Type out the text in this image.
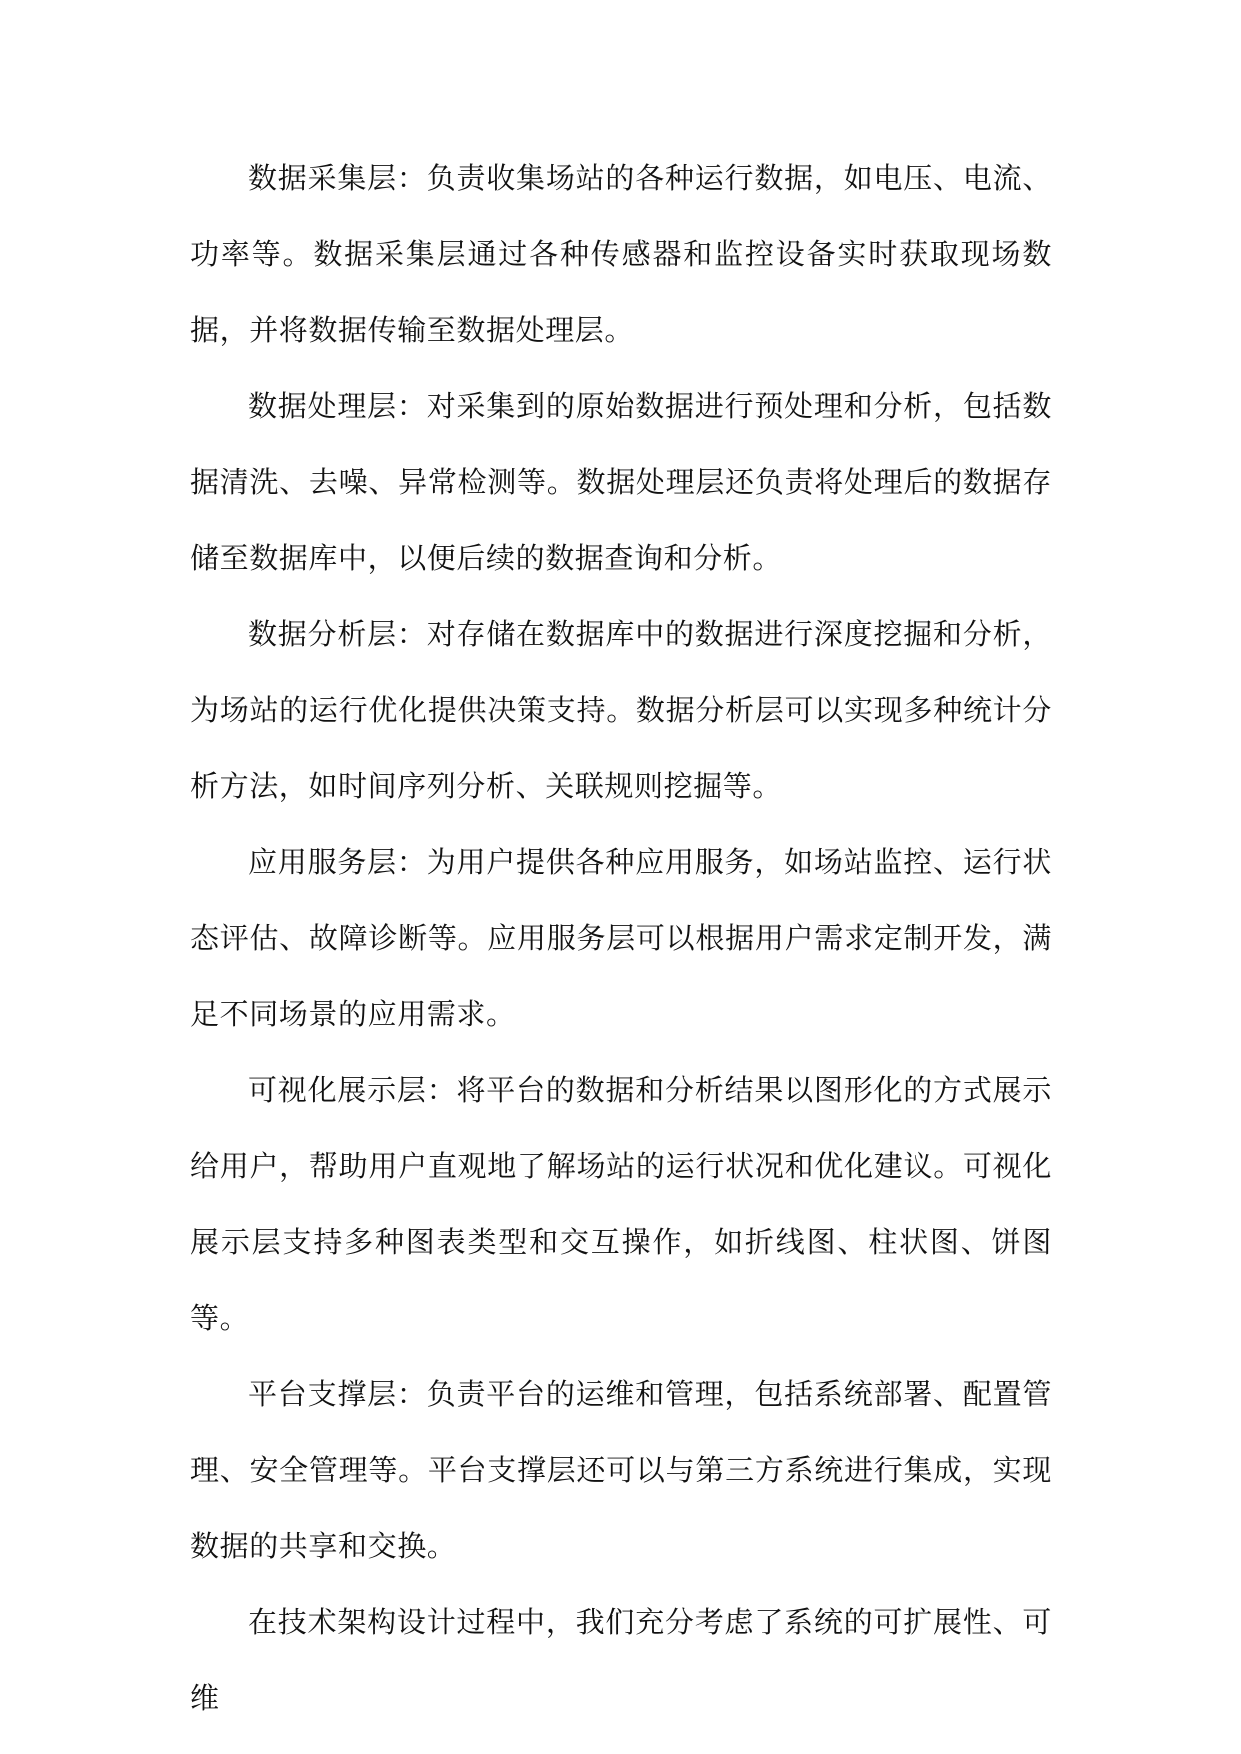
数据采集层：负责收集场站的各种运行数据，如电压、电流、功率等。数据采集层通过各种传感器和监控设备实时获取现场数据，并将数据传输至数据处理层。

数据处理层：对采集到的原始数据进行预处理和分析，包括数据清洗、去噪、异常检测等。数据处理层还负责将处理后的数据存储至数据库中，以便后续的数据查询和分析。

数据分析层：对存储在数据库中的数据进行深度挖掘和分析，为场站的运行优化提供决策支持。数据分析层可以实现多种统计分析方法，如时间序列分析、关联规则挖掘等。

应用服务层：为用户提供各种应用服务，如场站监控、运行状态评估、故障诊断等。应用服务层可以根据用户需求定制开发，满足不同场景的应用需求。

可视化展示层：将平台的数据和分析结果以图形化的方式展示给用户，帮助用户直观地了解场站的运行状况和优化建议。可视化展示层支持多种图表类型和交互操作，如折线图、柱状图、饼图等。

平台支撑层：负责平台的运维和管理，包括系统部署、配置管理、安全管理等。平台支撑层还可以与第三方系统进行集成，实现数据的共享和交换。

在技术架构设计过程中，我们充分考虑了系统的可扩展性、可维
